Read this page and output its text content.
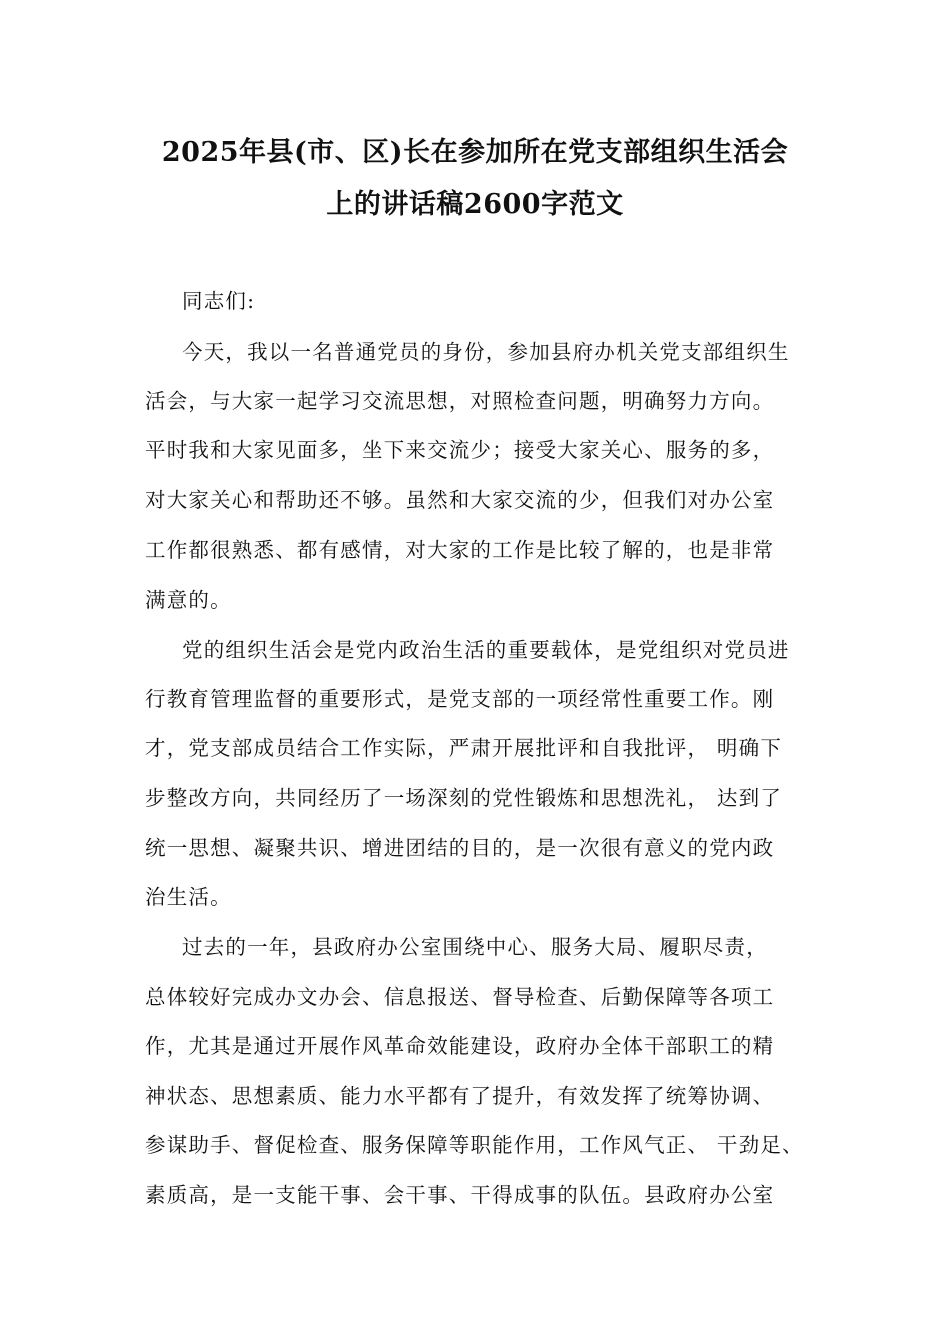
2025年县(市、区)长在参加所在党支部组织生活会
上的讲话稿2600字范文

同志们:

今天，我以一名普通党员的身份，参加县府办机关党支部组织生

活会，与大家一起学习交流思想，对照检查问题，明确努力方向。

平时我和大家见面多，坐下来交流少；接受大家关心、服务的多，

对大家关心和帮助还不够。虽然和大家交流的少，但我们对办公室

工作都很熟悉、都有感情，对大家的工作是比较了解的，也是非常

满意的。

党的组织生活会是党内政治生活的重要载体，是党组织对党员进

行教育管理监督的重要形式，是党支部的一项经常性重要工作。刚

才，党支部成员结合工作实际，严肃开展批评和自我批评， 明确下

步整改方向，共同经历了一场深刻的党性锻炼和思想洗礼， 达到了

统一思想、凝聚共识、增进团结的目的，是一次很有意义的党内政

治生活。

过去的一年，县政府办公室围绕中心、服务大局、履职尽责，

总体较好完成办文办会、信息报送、督导检查、后勤保障等各项工

作，尤其是通过开展作风革命效能建设，政府办全体干部职工的精

神状态、思想素质、能力水平都有了提升，有效发挥了统筹协调、

参谋助手、督促检查、服务保障等职能作用，工作风气正、 干劲足、

素质高，是一支能干事、会干事、干得成事的队伍。县政府办公室
